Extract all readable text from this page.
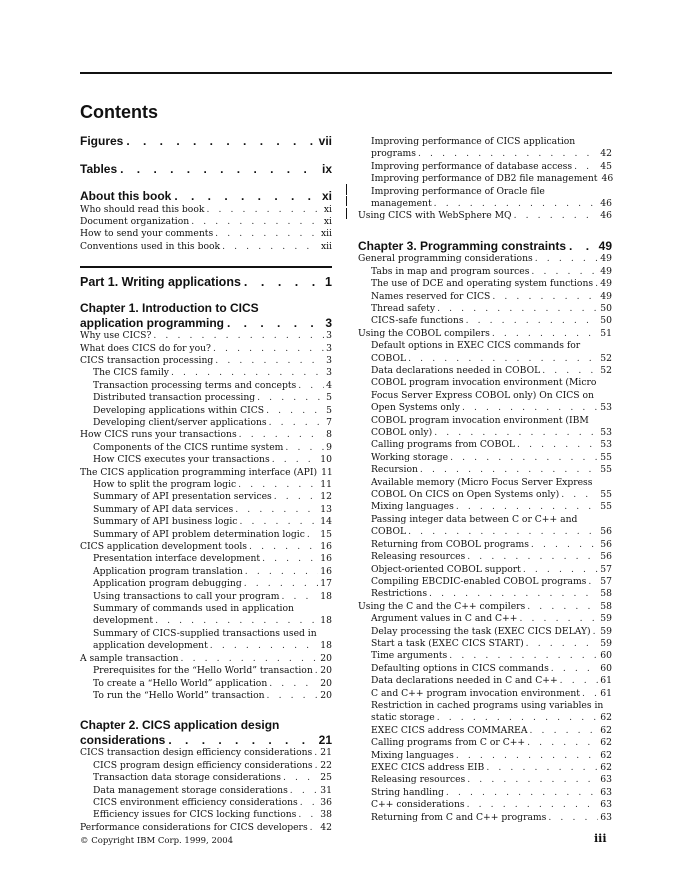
Contents
Figures . . .	vii
Tables . . .	ix
About this book . . .	xi
Who should read this book . . .	xi
Document organization . . .	xi
How to send your comments . . .	xii
Conventions used in this book . . .	xii
Part 1. Writing applications . . .	1
Chapter 1. Introduction to CICS
application programming . . .	3
Why use CICS? . . .	3
What does CICS do for you? . . .	3
CICS transaction processing . . .	3
The CICS family . . .	3
Transaction processing terms and concepts . . .	4
Distributed transaction processing . . .	5
Developing applications within CICS . . .	5
Developing client/server applications . . .	7
How CICS runs your transactions . . .	8
Components of the CICS runtime system . . .	9
How CICS executes your transactions . . .	10
The CICS application programming interface (API) 11
How to split the program logic . . .	11
Summary of API presentation services . . .	12
Summary of API data services . . .	13
Summary of API business logic . . .	14
Summary of API problem determination logic . . . 15
CICS application development tools . . .	16
Presentation interface development . . .	16
Application program translation . . .	16
Application program debugging . . .	17
Using transactions to call your program . . .	18
Summary of commands used in application
development . . .	18
Summary of CICS-supplied transactions used in
application development . . .	18
A sample transaction . . .	20
Prerequisites for the “Hello World” transaction . . . 20
To create a “Hello World” application . . .	20
To run the “Hello World” transaction . . .	20
Chapter 2. CICS application design
considerations . . .	21
CICS transaction design efficiency considerations . . . 21
CICS program design efficiency considerations . . . 22
Transaction data storage considerations . . .	25
Data management storage considerations . . .	31
CICS environment efficiency considerations . . . 36
Efficiency issues for CICS locking functions . . .	38
Performance considerations for CICS developers . . . 42
Improving performance of CICS application
programs . . .	42
Improving performance of database access . . .	45
Improving performance of DB2 file management 46
Improving performance of Oracle file
management . . .	46
Using CICS with WebSphere MQ . . .	46
Chapter 3. Programming constraints . . .	49
General programming considerations . . .	49
Tabs in map and program sources . . .	49
The use of DCE and operating system functions . . . 49
Names reserved for CICS . . .	49
Thread safety . . .	50
CICS-safe functions . . .	50
Using the COBOL compilers . . .	51
Default options in EXEC CICS commands for
COBOL . . .	52
Data declarations needed in COBOL . . .	52
COBOL program invocation environment (Micro
Focus Server Express COBOL only) On CICS on
Open Systems only . . .	53
COBOL program invocation environment (IBM
COBOL only) . . .	53
Calling programs from COBOL . . .	53
Working storage . . .	55
Recursion . . .	55
Available memory (Micro Focus Server Express
COBOL On CICS on Open Systems only) . . .	55
Mixing languages . . .	55
Passing integer data between C or C++ and
COBOL . . .	56
Returning from COBOL programs . . .	56
Releasing resources . . .	56
Object-oriented COBOL support . . .	57
Compiling EBCDIC-enabled COBOL programs . . . 57
Restrictions . . .	58
Using the C and the C++ compilers . . .	58
Argument values in C and C++ . . .	59
Delay processing the task (EXEC CICS DELAY) . . . 59
Start a task (EXEC CICS START) . . .	59
Time arguments . . .	60
Defaulting options in CICS commands . . .	60
Data declarations needed in C and C++ . . .	61
C and C++ program invocation environment . . . 61
Restriction in cached programs using variables in
static storage . . .	62
EXEC CICS address COMMAREA . . .	62
Calling programs from C or C++ . . .	62
Mixing languages . . .	62
EXEC CICS address EIB . . .	62
Releasing resources . . .	63
String handling . . .	63
C++ considerations . . .	63
Returning from C and C++ programs . . .	63
© Copyright IBM Corp. 1999, 2004	iii
